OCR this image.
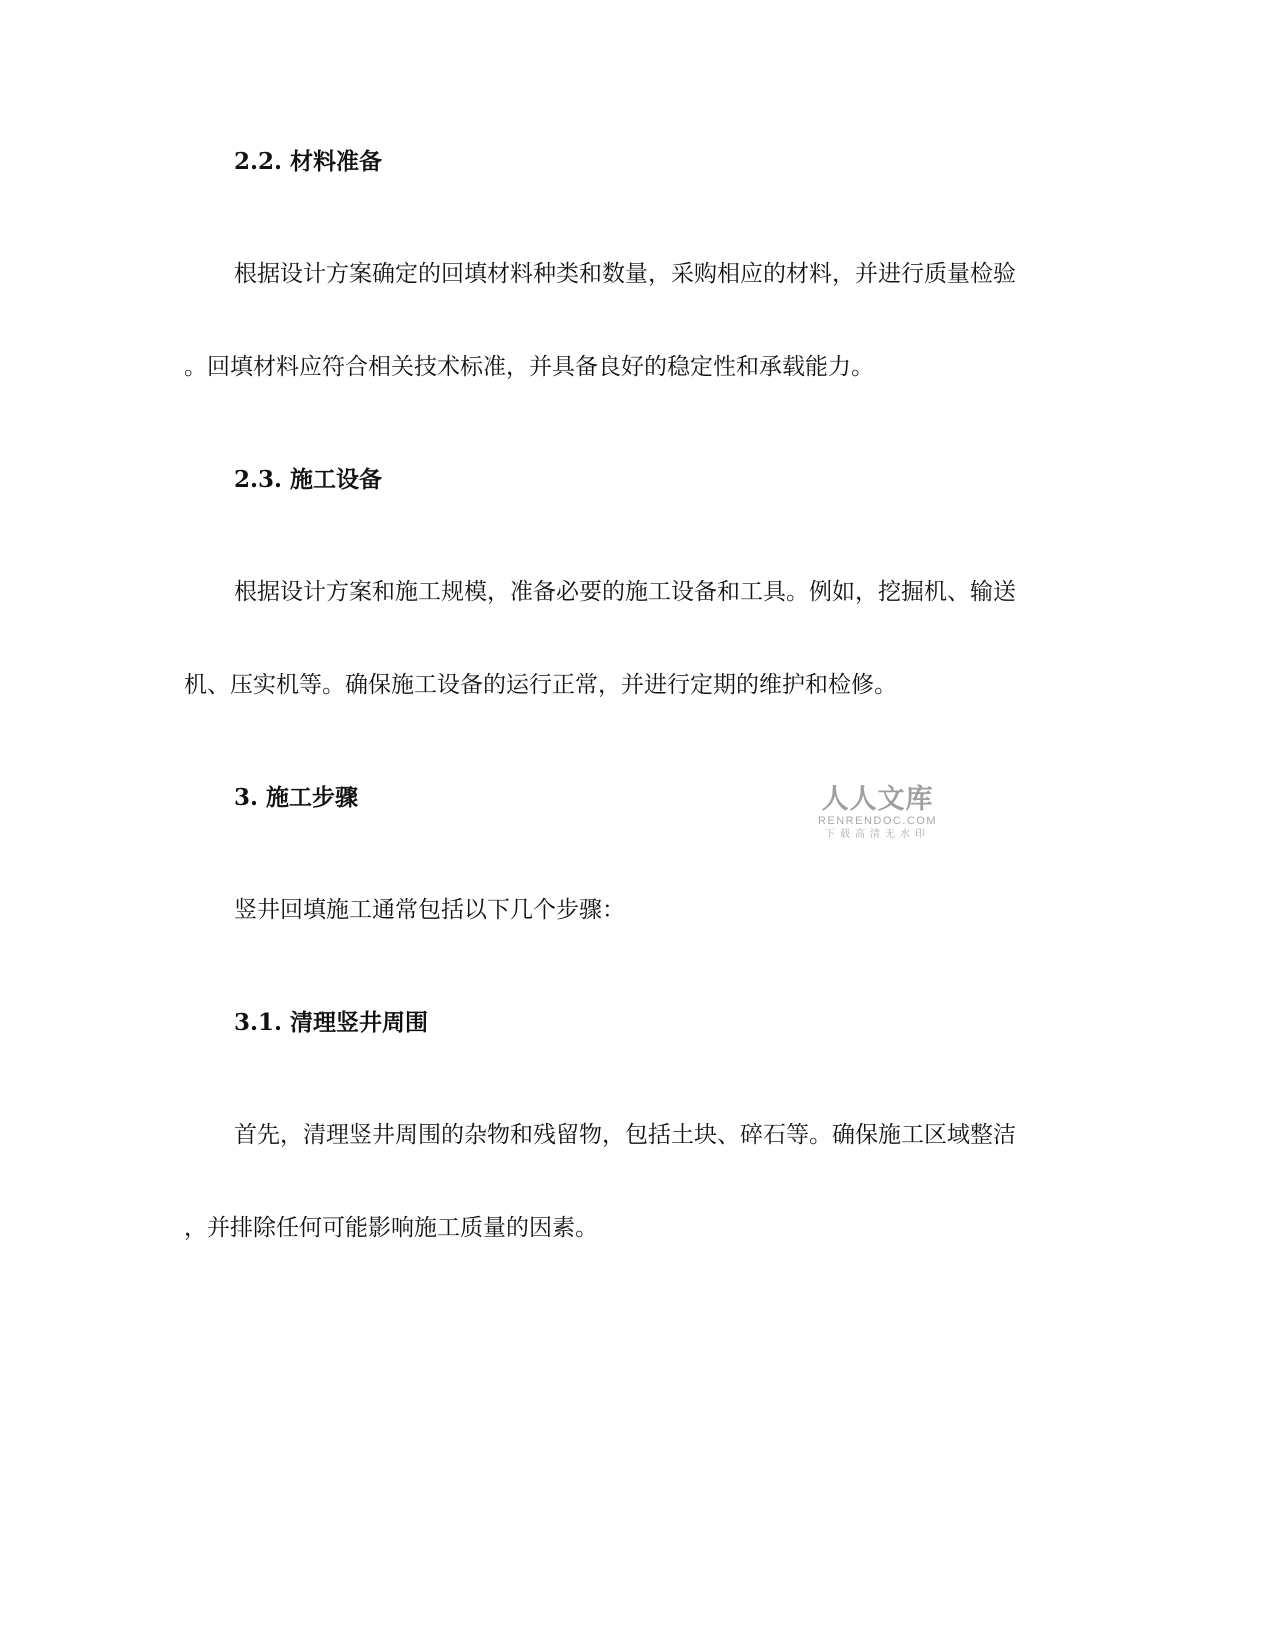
2.2. 材料准备
根据设计方案确定的回填材料种类和数量，采购相应的材料，并进行质量检验
。回填材料应符合相关技术标准，并具备良好的稳定性和承载能力。
2.3. 施工设备
根据设计方案和施工规模，准备必要的施工设备和工具。例如，挖掘机、输送
机、压实机等。确保施工设备的运行正常，并进行定期的维护和检修。
3. 施工步骤	人人文库
RENRENDOC.COM
下载高清无水印
竖井回填施工通常包括以下几个步骤：
3.1. 清理竖井周围
首先，清理竖井周围的杂物和残留物，包括土块、碎石等。确保施工区域整洁
，并排除任何可能影响施工质量的因素。
